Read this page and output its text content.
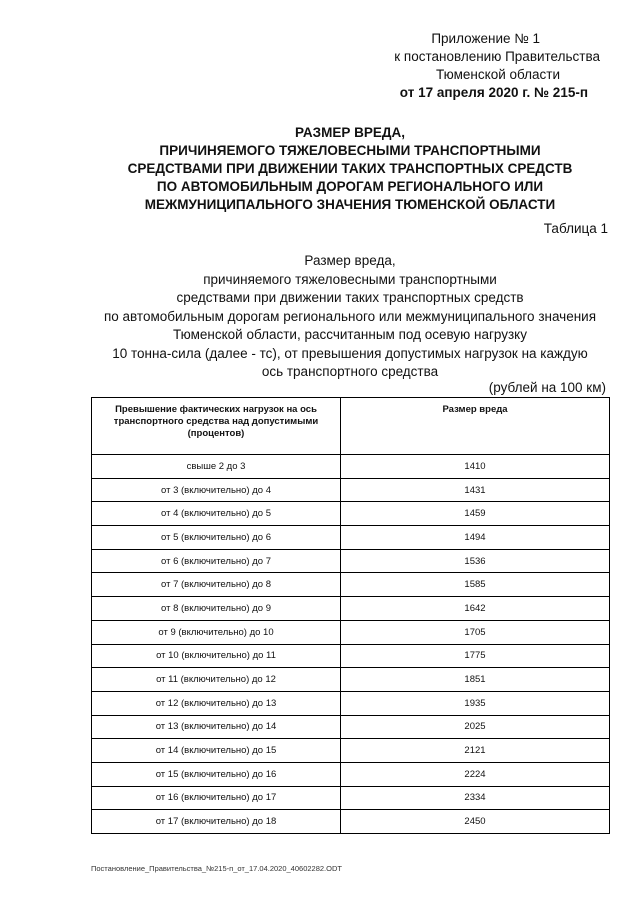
Приложение № 1
к постановлению Правительства
Тюменской области
от 17 апреля 2020 г. № 215-п
РАЗМЕР ВРЕДА,
ПРИЧИНЯЕМОГО ТЯЖЕЛОВЕСНЫМИ ТРАНСПОРТНЫМИ
СРЕДСТВАМИ ПРИ ДВИЖЕНИИ ТАКИХ ТРАНСПОРТНЫХ СРЕДСТВ
ПО АВТОМОБИЛЬНЫМ ДОРОГАМ РЕГИОНАЛЬНОГО ИЛИ
МЕЖМУНИЦИПАЛЬНОГО ЗНАЧЕНИЯ ТЮМЕНСКОЙ ОБЛАСТИ
Таблица 1
Размер вреда,
причиняемого тяжеловесными транспортными
средствами при движении таких транспортных средств
по автомобильным дорогам регионального или межмуниципального значения
Тюменской области, рассчитанным под осевую нагрузку
10 тонна-сила (далее - тс), от превышения допустимых нагрузок на каждую
ось транспортного средства
(рублей на 100 км)
Превышение фактических нагрузок на ось
транспортного средства над допустимыми
(процентов)	Размер вреда
свыше 2 до 3	1410
от 3 (включительно) до 4	1431
от 4 (включительно) до 5	1459
от 5 (включительно) до 6	1494
от 6 (включительно) до 7	1536
от 7 (включительно) до 8	1585
от 8 (включительно) до 9	1642
от 9 (включительно) до 10	1705
от 10 (включительно) до 11	1775
от 11 (включительно) до 12	1851
от 12 (включительно) до 13	1935
от 13 (включительно) до 14	2025
от 14 (включительно) до 15	2121
от 15 (включительно) до 16	2224
от 16 (включительно) до 17	2334
от 17 (включительно) до 18	2450
Постановление_Правительства_№215-п_от_17.04.2020_40602282.ODT
